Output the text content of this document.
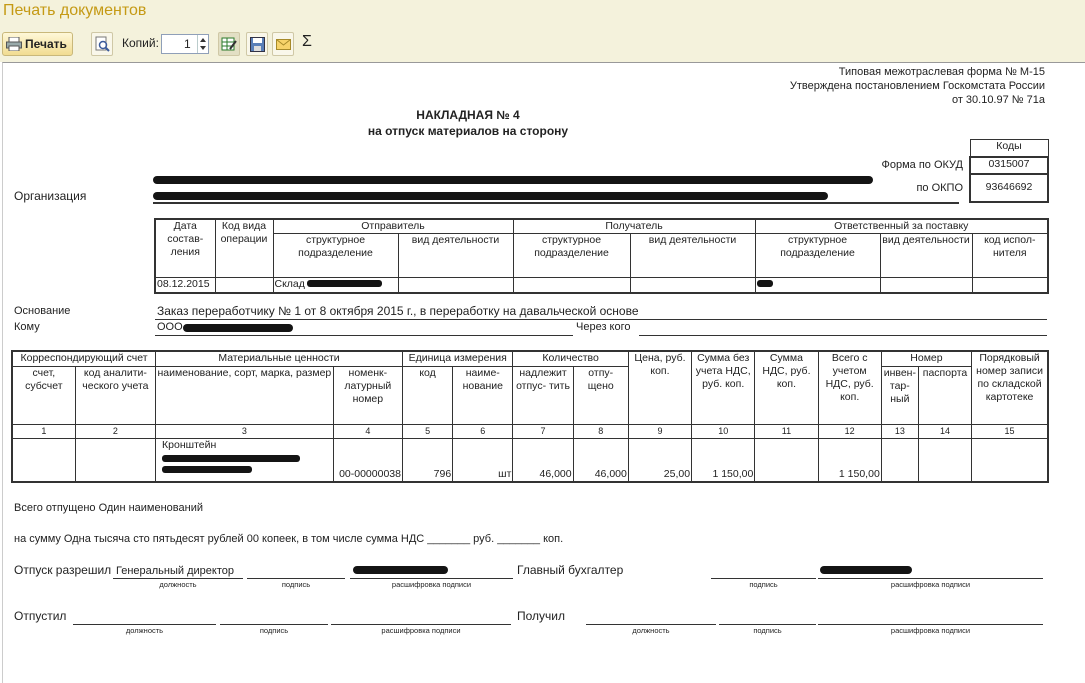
Печать документов
Печать	Копий: 1	Σ
Типовая межотраслевая форма № М-15
Утверждена постановлением Госкомстата России
от 30.10.97 № 71а
НАКЛАДНАЯ № 4
на отпуск материалов на сторону
Коды
0315007
93646692
Форма по ОКУД
по ОКПО
Организация
Дата состав- ления	Код вида операции	Отправитель		Получатель		Ответственный за поставку		
		структурное подразделение	вид деятельности	структурное подразделение	вид деятельности	структурное подразделение	вид деятельности	код испол- нителя
08.12.2015		Склад						
Основание	Заказ переработчику № 1 от 8 октября 2015 г., в переработку на давальческой основе
Кому	ООО	Через кого
Корреспондирующий счет		Материальные ценности		Единица измерения		Количество		Цена, руб. коп.	Сумма без учета НДС, руб. коп.	Сумма НДС, руб. коп.	Всего с учетом НДС, руб. коп.	Номер		Порядковый номер записи по складской картотеке
счет, субсчет	код аналити- ческого учета	наименование, сорт, марка, размер	номенк- латурный номер	код	наиме- нование	надлежит отпус- тить	отпу- щено					инвен- тар- ный	паспорта	
1	2	3	4	5	6	7	8	9	10	11	12	13	14	15

		Кронштейн	00-00000038	796	шт	46,000	46,000	25,00	1 150,00		1 150,00			
Всего отпущено Один наименований
на сумму Одна тысяча сто пятьдесят рублей 00 копеек, в том числе сумма НДС _______ руб. _______ коп.
Отпуск разрешил Генеральный директор
должность	подпись	расшифровка подписи
Главный бухгалтер
подпись	расшифровка подписи
Отпустил
должность	подпись	расшифровка подписи
Получил
должность	подпись	расшифровка подписи
